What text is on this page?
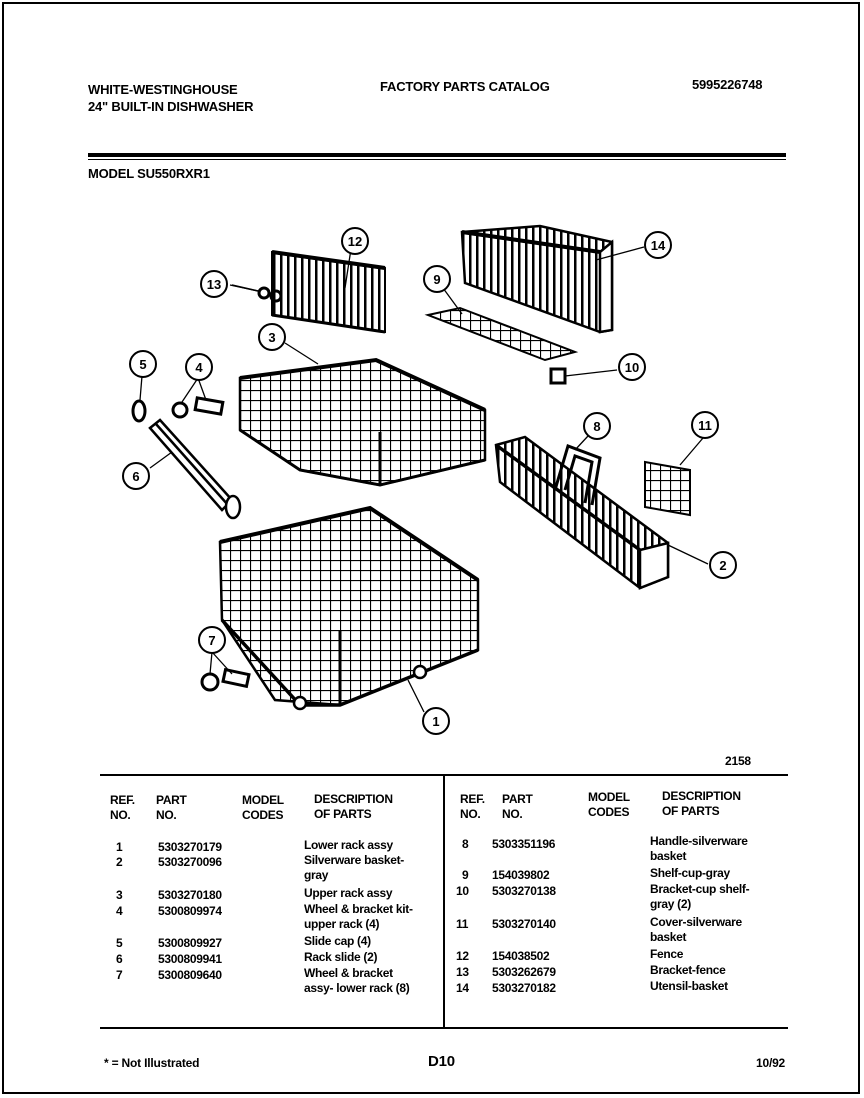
WHITE-WESTINGHOUSE
24" BUILT-IN DISHWASHER
FACTORY PARTS CATALOG	5995226748
MODEL SU550RXR1
12
13
14
9
10
3
5	4
6
8	11
2
7
1
2158
REF. NO.
PART NO.
MODEL CODES
DESCRIPTION OF PARTS
REF. NO.
PART NO.
MODEL CODES
DESCRIPTION OF PARTS
1	5303270179	Lower rack assy
2	5303270096	Silverware basket-gray
3	5303270180	Upper rack assy
4	5300809974	Wheel & bracket kit-upper rack (4)
5	5300809927	Slide cap (4)
6	5300809941	Rack slide (2)
7	5300809640	Wheel & bracket assy- lower rack (8)
8 5303351196	Handle-silverware basket
9 154039802	Shelf-cup-gray
10 5303270138	Bracket-cup shelf-gray (2)
11 5303270140	Cover-silverware basket
12 154038502	Fence
13 5303262679	Bracket-fence
14 5303270182	Utensil-basket
* = Not Illustrated	D10	10/92
